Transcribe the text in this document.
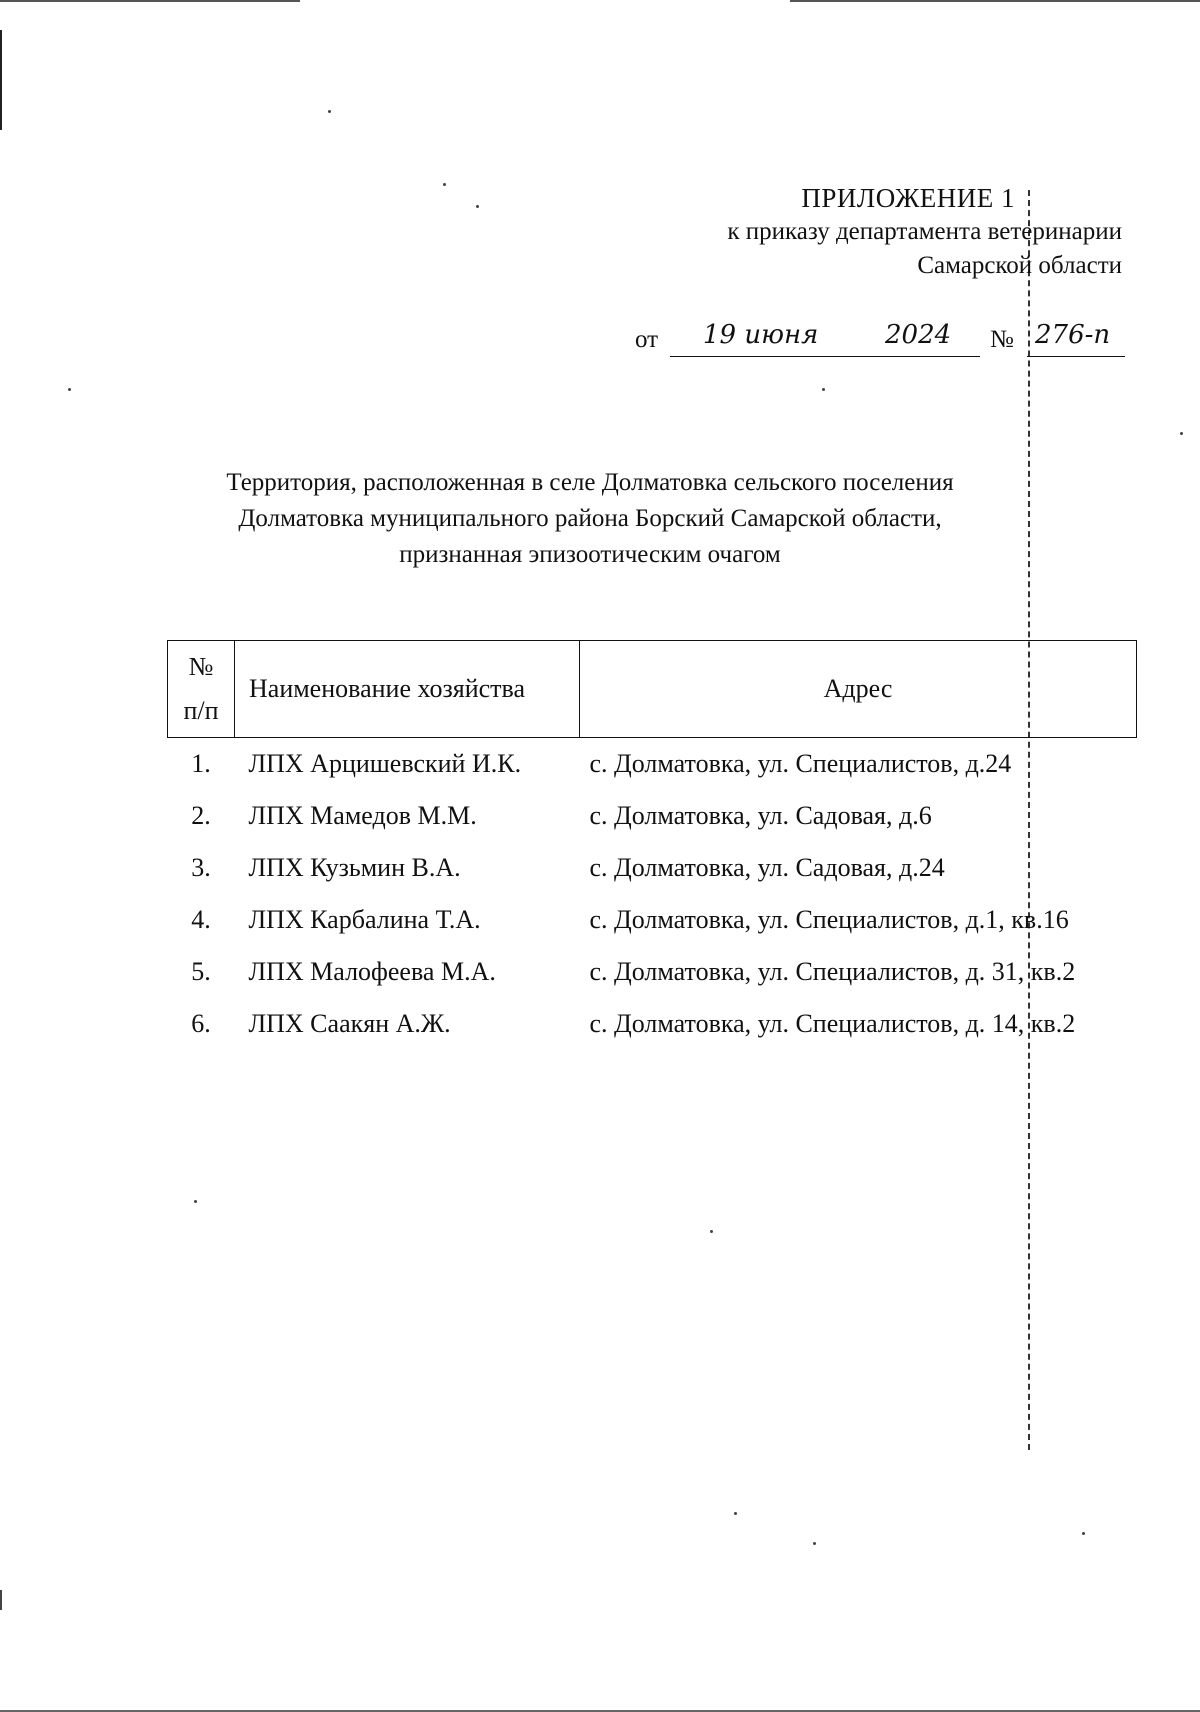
ПРИЛОЖЕНИЕ 1
к приказу департамента ветеринарии
Самарской области
от 19 июня	2024 № 276-п
Территория, расположенная в селе Долматовка сельского поселения
Долматовка муниципального района Борский Самарской области,
признанная эпизоотическим очагом
№
п/п	Наименование хозяйства	Адрес
1.	ЛПХ Арцишевский И.К.	с. Долматовка, ул. Специалистов, д.24
2.	ЛПХ Мамедов М.М.	с. Долматовка, ул. Садовая, д.6
3.	ЛПХ Кузьмин В.А.	с. Долматовка, ул. Садовая, д.24
4.	ЛПХ Карбалина Т.А.	с. Долматовка, ул. Специалистов, д.1, кв.16
5.	ЛПХ Малофеева М.А.	с. Долматовка, ул. Специалистов, д. 31, кв.2
6.	ЛПХ Саакян А.Ж.	с. Долматовка, ул. Специалистов, д. 14, кв.2
